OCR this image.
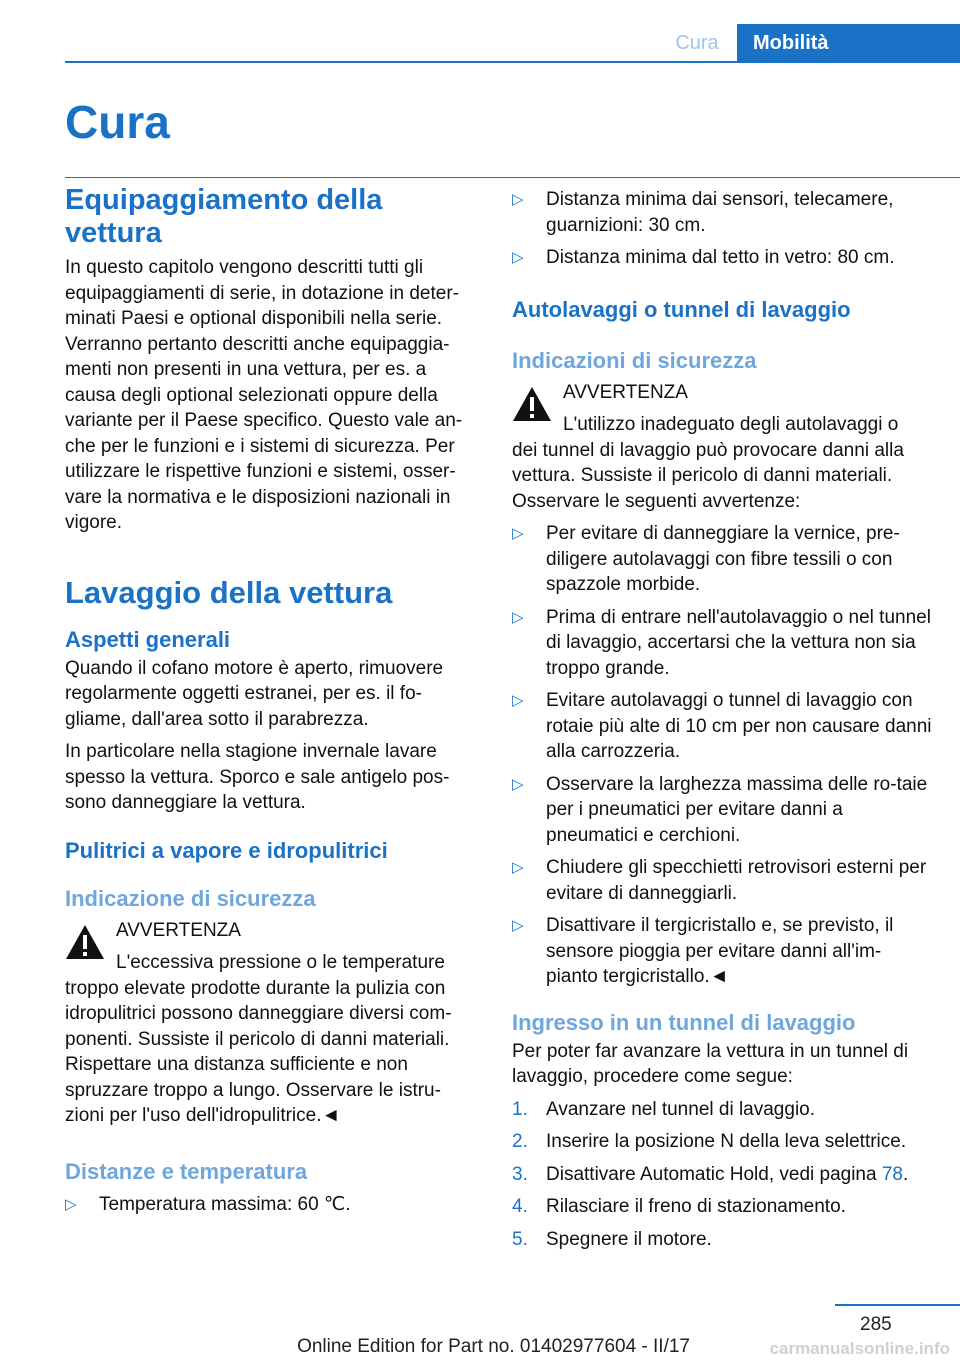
Cura	Mobilità
Cura
Equipaggiamento della vettura

In questo capitolo vengono descritti tutti gli equipaggiamenti di serie, in dotazione in deter-minati Paesi e optional disponibili nella serie. Verranno pertanto descritti anche equipaggia-menti non presenti in una vettura, per es. a causa degli optional selezionati oppure della variante per il Paese specifico. Questo vale an-che per le funzioni e i sistemi di sicurezza. Per utilizzare le rispettive funzioni e sistemi, osser-vare la normativa e le disposizioni nazionali in vigore.

Lavaggio della vettura
Aspetti generali

Quando il cofano motore è aperto, rimuovere regolarmente oggetti estranei, per es. il fo-gliame, dall'area sotto il parabrezza.

In particolare nella stagione invernale lavare spesso la vettura. Sporco e sale antigelo pos-sono danneggiare la vettura.

Pulitrici a vapore e idropulitrici
Indicazione di sicurezza

AVVERTENZA

L'eccessiva pressione o le temperature
troppo elevate prodotte durante la pulizia con idropulitrici possono danneggiare diversi com-ponenti. Sussiste il pericolo di danni materiali. Rispettare una distanza sufficiente e non spruzzare troppo a lungo. Osservare le istru-zioni per l'uso dell'idropulitrice.◄

Distanze e temperatura
▷ Temperatura massima: 60 ℃.
▷ Distanza minima dai sensori, telecamere, guarnizioni: 30 cm.
▷ Distanza minima dal tetto in vetro: 80 cm.
Autolavaggi o tunnel di lavaggio
Indicazioni di sicurezza

AVVERTENZA

L'utilizzo inadeguato degli autolavaggi o
dei tunnel di lavaggio può provocare danni alla vettura. Sussiste il pericolo di danni materiali. Osservare le seguenti avvertenze:

▷ Per evitare di danneggiare la vernice, pre-diligere autolavaggi con fibre tessili o con spazzole morbide.
▷ Prima di entrare nell'autolavaggio o nel tunnel di lavaggio, accertarsi che la vettura non sia troppo grande.
▷ Evitare autolavaggi o tunnel di lavaggio con rotaie più alte di 10 cm per non causare danni alla carrozzeria.
▷ Osservare la larghezza massima delle ro-taie per i pneumatici per evitare danni a pneumatici e cerchioni.
▷ Chiudere gli specchietti retrovisori esterni per evitare di danneggiarli.
▷ Disattivare il tergicristallo e, se previsto, il sensore pioggia per evitare danni all'im-pianto tergicristallo.◄
Ingresso in un tunnel di lavaggio

Per poter far avanzare la vettura in un tunnel di lavaggio, procedere come segue:

1. Avanzare nel tunnel di lavaggio.
2. Inserire la posizione N della leva selettrice.
3. Disattivare Automatic Hold, vedi pagina 78.
4. Rilasciare il freno di stazionamento.
5. Spegnere il motore.
285
Online Edition for Part no. 01402977604 - II/17	carmanualsonline.info
